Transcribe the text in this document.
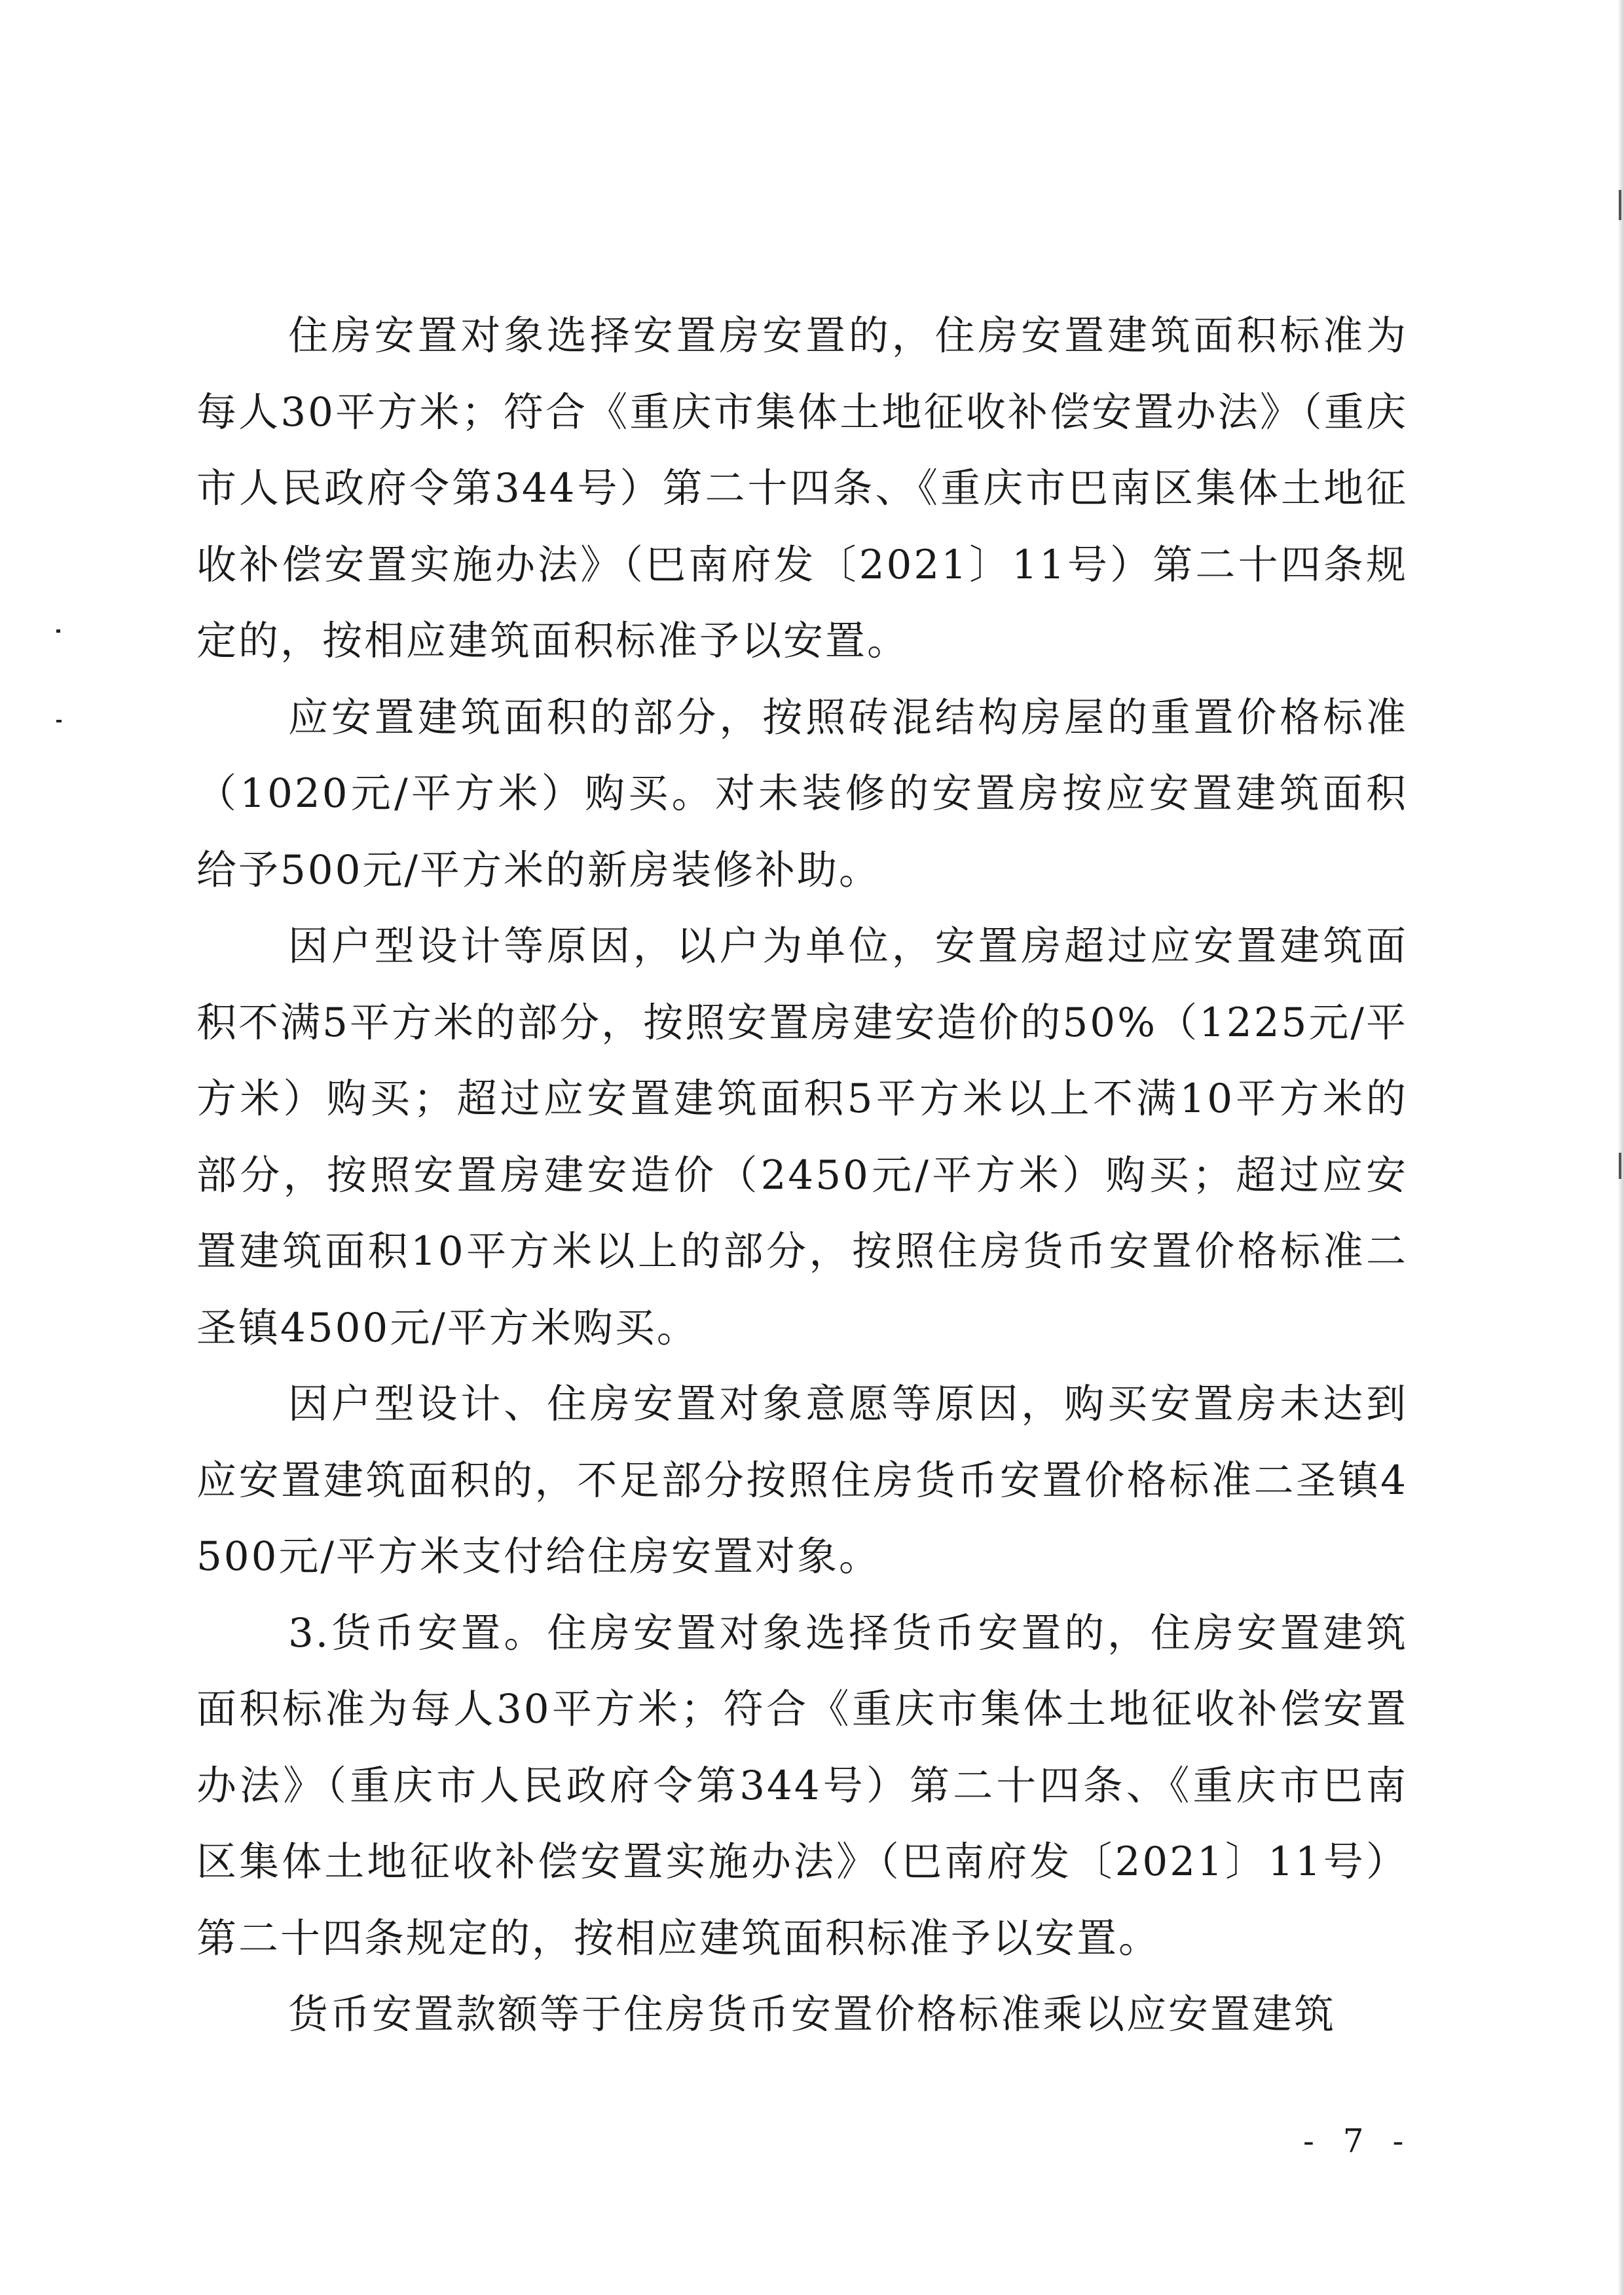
住房安置对象选择安置房安置的，住房安置建筑面积标准为每人30平方米；符合《重庆市集体土地征收补偿安置办法》（重庆市人民政府令第344号）第二十四条、《重庆市巴南区集体土地征收补偿安置实施办法》（巴南府发〔2021〕11号）第二十四条规定的，按相应建筑面积标准予以安置。

应安置建筑面积的部分，按照砖混结构房屋的重置价格标准（1020元/平方米）购买。对未装修的安置房按应安置建筑面积给予500元/平方米的新房装修补助。

因户型设计等原因，以户为单位，安置房超过应安置建筑面积不满5平方米的部分，按照安置房建安造价的50%（1225元/平方米）购买；超过应安置建筑面积5平方米以上不满10平方米的部分，按照安置房建安造价（2450元/平方米）购买；超过应安置建筑面积10平方米以上的部分，按照住房货币安置价格标准二圣镇4500元/平方米购买。

因户型设计、住房安置对象意愿等原因，购买安置房未达到应安置建筑面积的，不足部分按照住房货币安置价格标准二圣镇4500元/平方米支付给住房安置对象。

3.货币安置。住房安置对象选择货币安置的，住房安置建筑面积标准为每人30平方米；符合《重庆市集体土地征收补偿安置办法》（重庆市人民政府令第344号）第二十四条、《重庆市巴南区集体土地征收补偿安置实施办法》（巴南府发〔2021〕11号）第二十四条规定的，按相应建筑面积标准予以安置。

货币安置款额等于住房货币安置价格标准乘以应安置建筑

- 7 -
